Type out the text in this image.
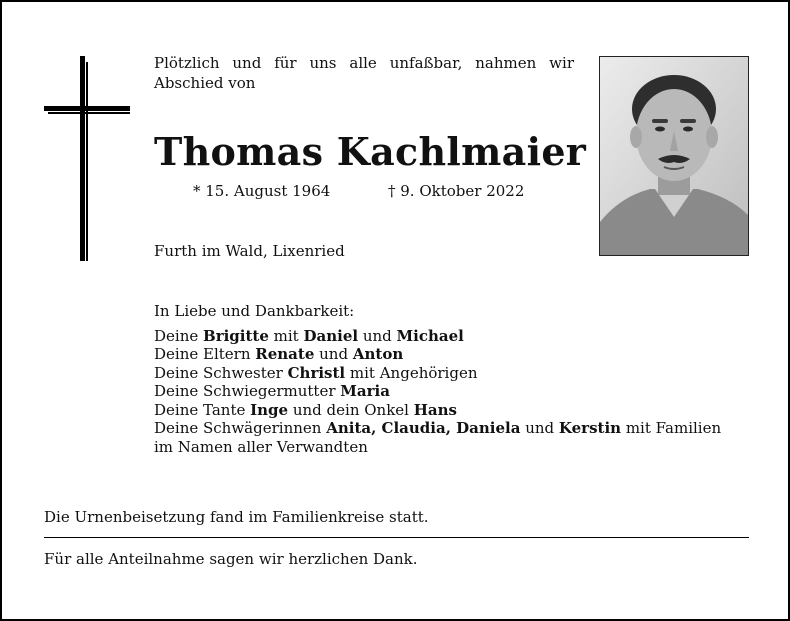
Plötzlich und für uns alle unfaßbar, nahmen wir Abschied von
Thomas Kachlmaier
* 15. August 1964	† 9. Oktober 2022
Furth im Wald, Lixenried
In Liebe und Dankbarkeit:
Deine Brigitte mit Daniel und Michael
Deine Eltern Renate und Anton
Deine Schwester Christl mit Angehörigen
Deine Schwiegermutter Maria
Deine Tante Inge und dein Onkel Hans
Deine Schwägerinnen Anita, Claudia, Daniela und Kerstin mit Familien
im Namen aller Verwandten
Die Urnenbeisetzung fand im Familienkreise statt.
Für alle Anteilnahme sagen wir herzlichen Dank.
